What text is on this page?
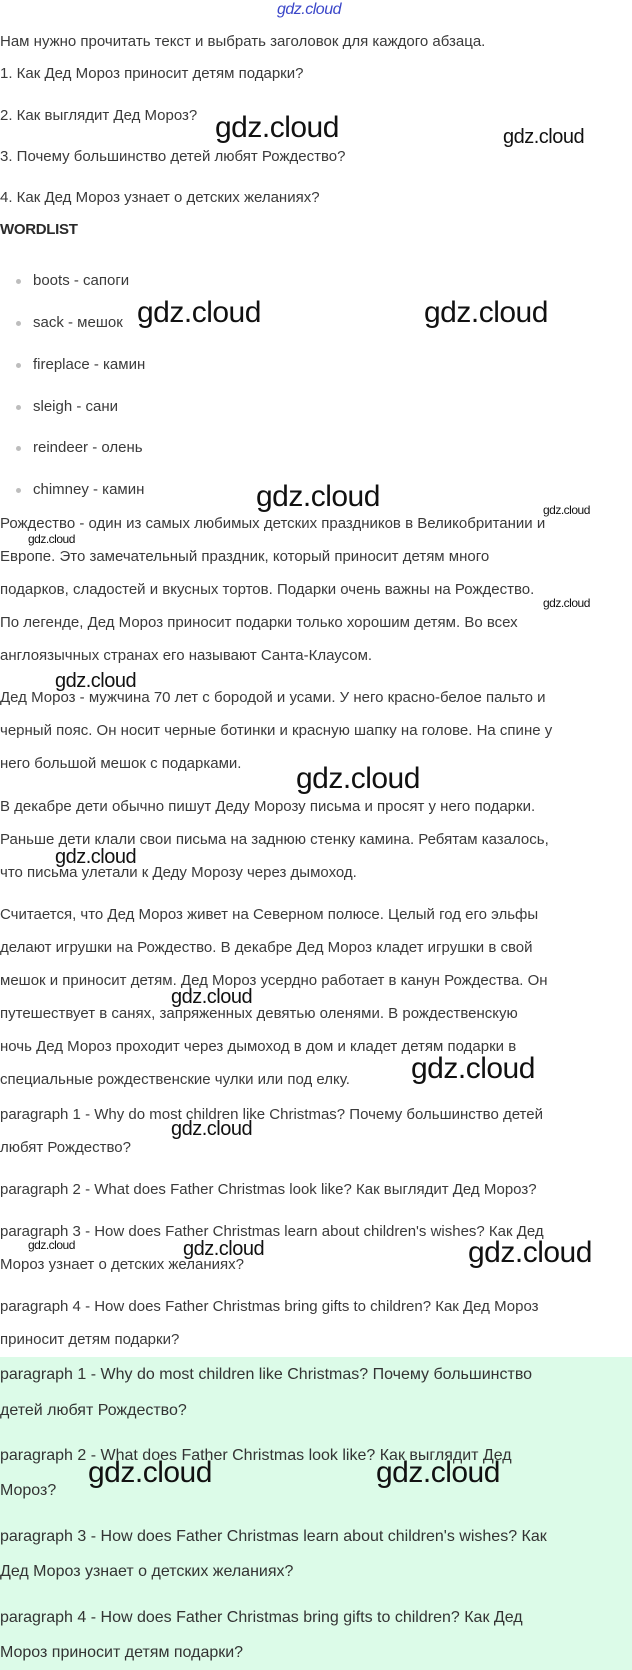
Нам нужно прочитать текст и выбрать заголовок для каждого абзаца.
1. Как Дед Мороз приносит детям подарки?
2. Как выглядит Дед Мороз?
3. Почему большинство детей любят Рождество?
4. Как Дед Мороз узнает о детских желаниях?
WORDLIST
boots - сапоги
sack - мешок
fireplace - камин
sleigh - сани
reindeer - олень
chimney - камин
Рождество - один из самых любимых детских праздников в Великобритании и
Европе. Это замечательный праздник, который приносит детям много
подарков, сладостей и вкусных тортов. Подарки очень важны на Рождество.
По легенде, Дед Мороз приносит подарки только хорошим детям. Во всех
англоязычных странах его называют Санта-Клаусом.
Дед Мороз - мужчина 70 лет с бородой и усами. У него красно-белое пальто и
черный пояс. Он носит черные ботинки и красную шапку на голове. На спине у
него большой мешок с подарками.
В декабре дети обычно пишут Деду Морозу письма и просят у него подарки.
Раньше дети клали свои письма на заднюю стенку камина. Ребятам казалось,
что письма улетали к Деду Морозу через дымоход.
Считается, что Дед Мороз живет на Северном полюсе. Целый год его эльфы
делают игрушки на Рождество. В декабре Дед Мороз кладет игрушки в свой
мешок и приносит детям. Дед Мороз усердно работает в канун Рождества. Он
путешествует в санях, запряженных девятью оленями. В рождественскую
ночь Дед Мороз проходит через дымоход в дом и кладет детям подарки в
специальные рождественские чулки или под елку.
paragraph 1 - Why do most children like Christmas? Почему большинство детей
любят Рождество?
paragraph 2 - What does Father Christmas look like? Как выглядит Дед Мороз?
paragraph 3 - How does Father Christmas learn about children's wishes? Как Дед
Мороз узнает о детских желаниях?
paragraph 4 - How does Father Christmas bring gifts to children? Как Дед Мороз
приносит детям подарки?
paragraph 1 - Why do most children like Christmas? Почему большинство
детей любят Рождество?
paragraph 2 - What does Father Christmas look like? Как выглядит Дед
Мороз?
paragraph 3 - How does Father Christmas learn about children's wishes? Как
Дед Мороз узнает о детских желаниях?
paragraph 4 - How does Father Christmas bring gifts to children? Как Дед
Мороз приносит детям подарки?
gdz.cloud
gdz.cloud	gdz.cloud
gdz.cloud	gdz.cloud
gdz.cloud	gdz.cloud
gdz.cloud
gdz.cloud
gdz.cloud
gdz.cloud
gdz.cloud
gdz.cloud
gdz.cloud
gdz.cloud
gdz.cloud	gdz.cloud	gdz.cloud
gdz.cloud	gdz.cloud
